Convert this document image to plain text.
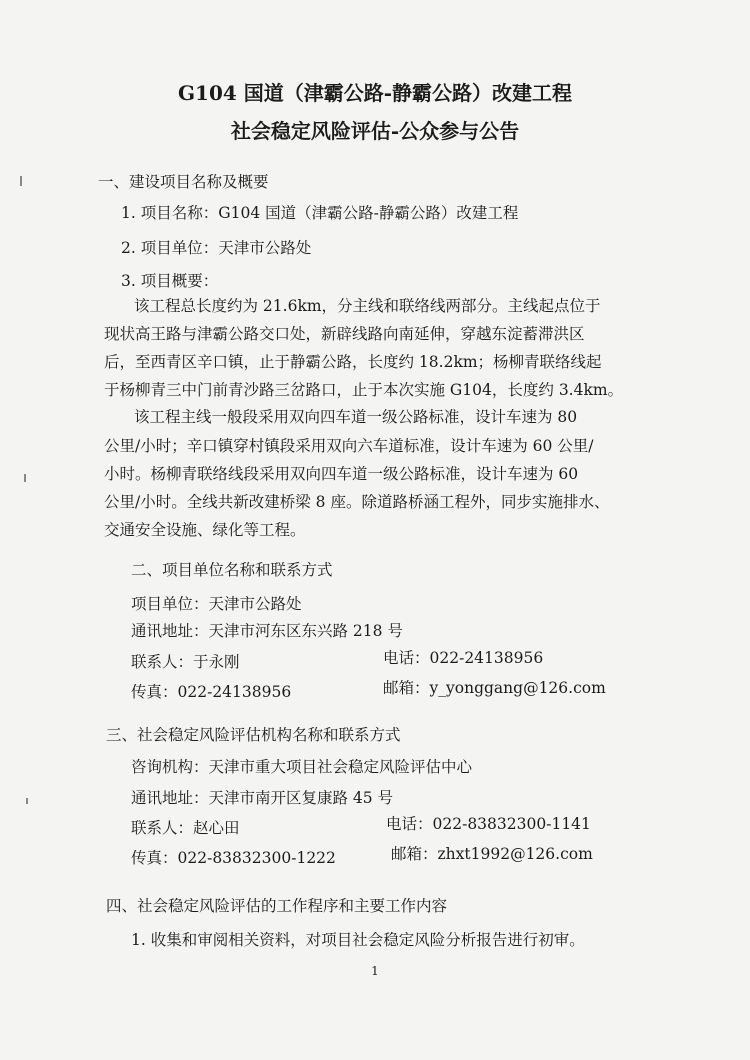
G104 国道（津霸公路-静霸公路）改建工程
社会稳定风险评估-公众参与公告
一、建设项目名称及概要
1. 项目名称：G104 国道（津霸公路-静霸公路）改建工程
2. 项目单位：天津市公路处
3. 项目概要：
该工程总长度约为 21.6km，分主线和联络线两部分。主线起点位于
现状高王路与津霸公路交口处，新辟线路向南延伸，穿越东淀蓄滞洪区
后，至西青区辛口镇，止于静霸公路，长度约 18.2km；杨柳青联络线起
于杨柳青三中门前青沙路三岔路口，止于本次实施 G104，长度约 3.4km。
该工程主线一般段采用双向四车道一级公路标准，设计车速为 80
公里/小时；辛口镇穿村镇段采用双向六车道标准，设计车速为 60 公里/
小时。杨柳青联络线段采用双向四车道一级公路标准，设计车速为 60
公里/小时。全线共新改建桥梁 8 座。除道路桥涵工程外，同步实施排水、
交通安全设施、绿化等工程。
二、项目单位名称和联系方式
项目单位：天津市公路处
通讯地址：天津市河东区东兴路 218 号
联系人：于永刚	电话：022-24138956
传真：022-24138956	邮箱：y_yonggang@126.com
三、社会稳定风险评估机构名称和联系方式
咨询机构：天津市重大项目社会稳定风险评估中心
通讯地址：天津市南开区复康路 45 号
联系人：赵心田	电话：022-83832300-1141
传真：022-83832300-1222	邮箱：zhxt1992@126.com
四、社会稳定风险评估的工作程序和主要工作内容
1. 收集和审阅相关资料，对项目社会稳定风险分析报告进行初审。
1
